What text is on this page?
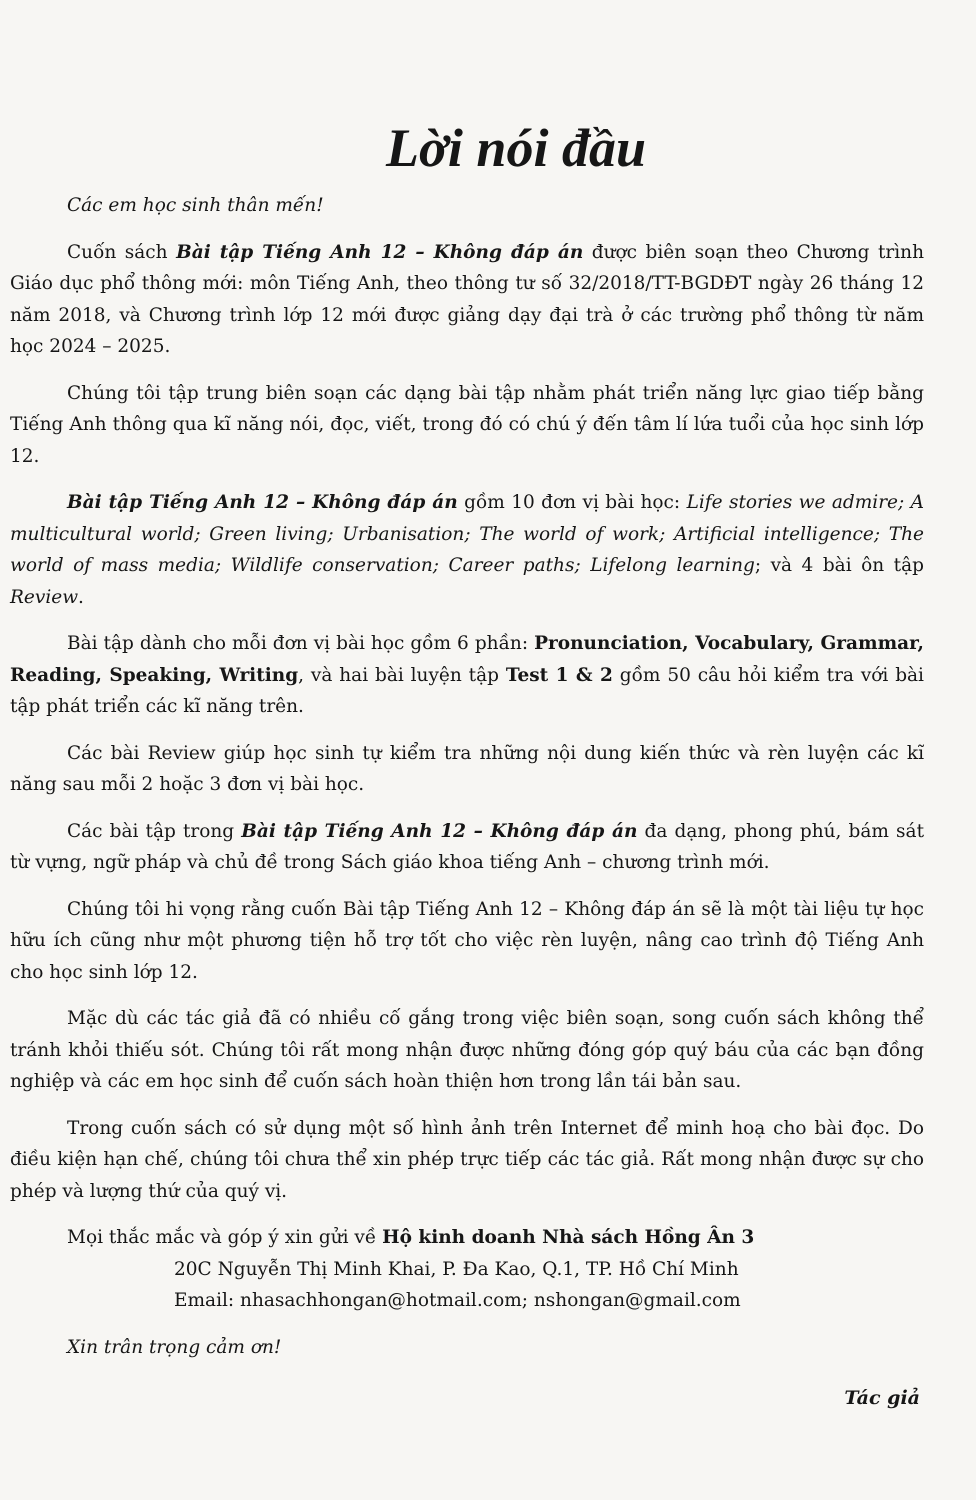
Lời nói đầu

Các em học sinh thân mến!

Cuốn sách Bài tập Tiếng Anh 12 – Không đáp án được biên soạn theo Chương trình Giáo dục phổ thông mới: môn Tiếng Anh, theo thông tư số 32/2018/TT-BGDĐT ngày 26 tháng 12 năm 2018, và Chương trình lớp 12 mới được giảng dạy đại trà ở các trường phổ thông từ năm học 2024 – 2025.

Chúng tôi tập trung biên soạn các dạng bài tập nhằm phát triển năng lực giao tiếp bằng Tiếng Anh thông qua kĩ năng nói, đọc, viết, trong đó có chú ý đến tâm lí lứa tuổi của học sinh lớp 12.

Bài tập Tiếng Anh 12 – Không đáp án gồm 10 đơn vị bài học: Life stories we admire; A multicultural world; Green living; Urbanisation; The world of work; Artificial intelligence; The world of mass media; Wildlife conservation; Career paths; Lifelong learning; và 4 bài ôn tập Review.

Bài tập dành cho mỗi đơn vị bài học gồm 6 phần: Pronunciation, Vocabulary, Grammar, Reading, Speaking, Writing, và hai bài luyện tập Test 1 & 2 gồm 50 câu hỏi kiểm tra với bài tập phát triển các kĩ năng trên.

Các bài Review giúp học sinh tự kiểm tra những nội dung kiến thức và rèn luyện các kĩ năng sau mỗi 2 hoặc 3 đơn vị bài học.

Các bài tập trong Bài tập Tiếng Anh 12 – Không đáp án đa dạng, phong phú, bám sát từ vựng, ngữ pháp và chủ đề trong Sách giáo khoa tiếng Anh – chương trình mới.

Chúng tôi hi vọng rằng cuốn Bài tập Tiếng Anh 12 – Không đáp án sẽ là một tài liệu tự học hữu ích cũng như một phương tiện hỗ trợ tốt cho việc rèn luyện, nâng cao trình độ Tiếng Anh cho học sinh lớp 12.

Mặc dù các tác giả đã có nhiều cố gắng trong việc biên soạn, song cuốn sách không thể tránh khỏi thiếu sót. Chúng tôi rất mong nhận được những đóng góp quý báu của các bạn đồng nghiệp và các em học sinh để cuốn sách hoàn thiện hơn trong lần tái bản sau.

Trong cuốn sách có sử dụng một số hình ảnh trên Internet để minh hoạ cho bài đọc. Do điều kiện hạn chế, chúng tôi chưa thể xin phép trực tiếp các tác giả. Rất mong nhận được sự cho phép và lượng thứ của quý vị.

Mọi thắc mắc và góp ý xin gửi về Hộ kinh doanh Nhà sách Hồng Ân 3
20C Nguyễn Thị Minh Khai, P. Đa Kao, Q.1, TP. Hồ Chí Minh
Email: nhasachhongan@hotmail.com; nshongan@gmail.com

Xin trân trọng cảm ơn!

Tác giả
